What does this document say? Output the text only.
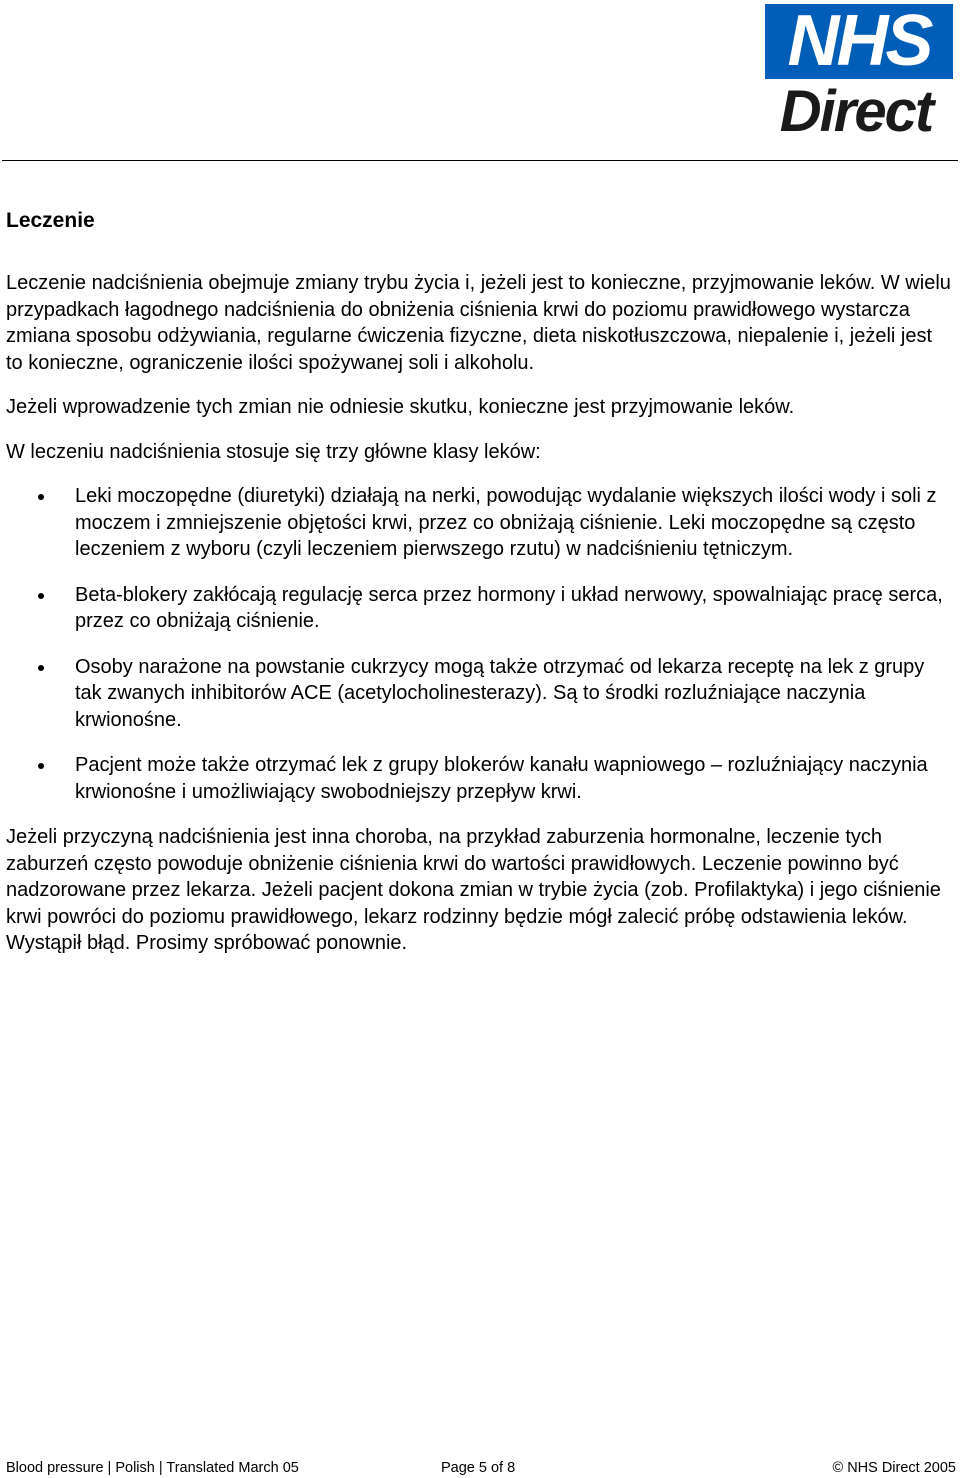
NHS
Direct
Leczenie

Leczenie nadciśnienia obejmuje zmiany trybu życia i, jeżeli jest to konieczne, przyjmowanie leków. W wielu przypadkach łagodnego nadciśnienia do obniżenia ciśnienia krwi do poziomu prawidłowego wystarcza zmiana sposobu odżywiania, regularne ćwiczenia fizyczne, dieta niskotłuszczowa, niepalenie i, jeżeli jest to konieczne, ograniczenie ilości spożywanej soli i alkoholu.

Jeżeli wprowadzenie tych zmian nie odniesie skutku, konieczne jest przyjmowanie leków.

W leczeniu nadciśnienia stosuje się trzy główne klasy leków:

Leki moczopędne (diuretyki) działają na nerki, powodując wydalanie większych ilości wody i soli z moczem i zmniejszenie objętości krwi, przez co obniżają ciśnienie. Leki moczopędne są często leczeniem z wyboru (czyli leczeniem pierwszego rzutu) w nadciśnieniu tętniczym.
Beta-blokery zakłócają regulację serca przez hormony i układ nerwowy, spowalniając pracę serca, przez co obniżają ciśnienie.
Osoby narażone na powstanie cukrzycy mogą także otrzymać od lekarza receptę na lek z grupy tak zwanych inhibitorów ACE (acetylocholinesterazy). Są to środki rozluźniające naczynia krwionośne.
Pacjent może także otrzymać lek z grupy blokerów kanału wapniowego – rozluźniający naczynia krwionośne i umożliwiający swobodniejszy przepływ krwi.

Jeżeli przyczyną nadciśnienia jest inna choroba, na przykład zaburzenia hormonalne, leczenie tych zaburzeń często powoduje obniżenie ciśnienia krwi do wartości prawidłowych. Leczenie powinno być nadzorowane przez lekarza. Jeżeli pacjent dokona zmian w trybie życia (zob. Profilaktyka) i jego ciśnienie krwi powróci do poziomu prawidłowego, lekarz rodzinny będzie mógł zalecić próbę odstawienia leków.

Wystąpił błąd. Prosimy spróbować ponownie.

Blood pressure | Polish | Translated March 05	Page 5 of 8	© NHS Direct 2005
